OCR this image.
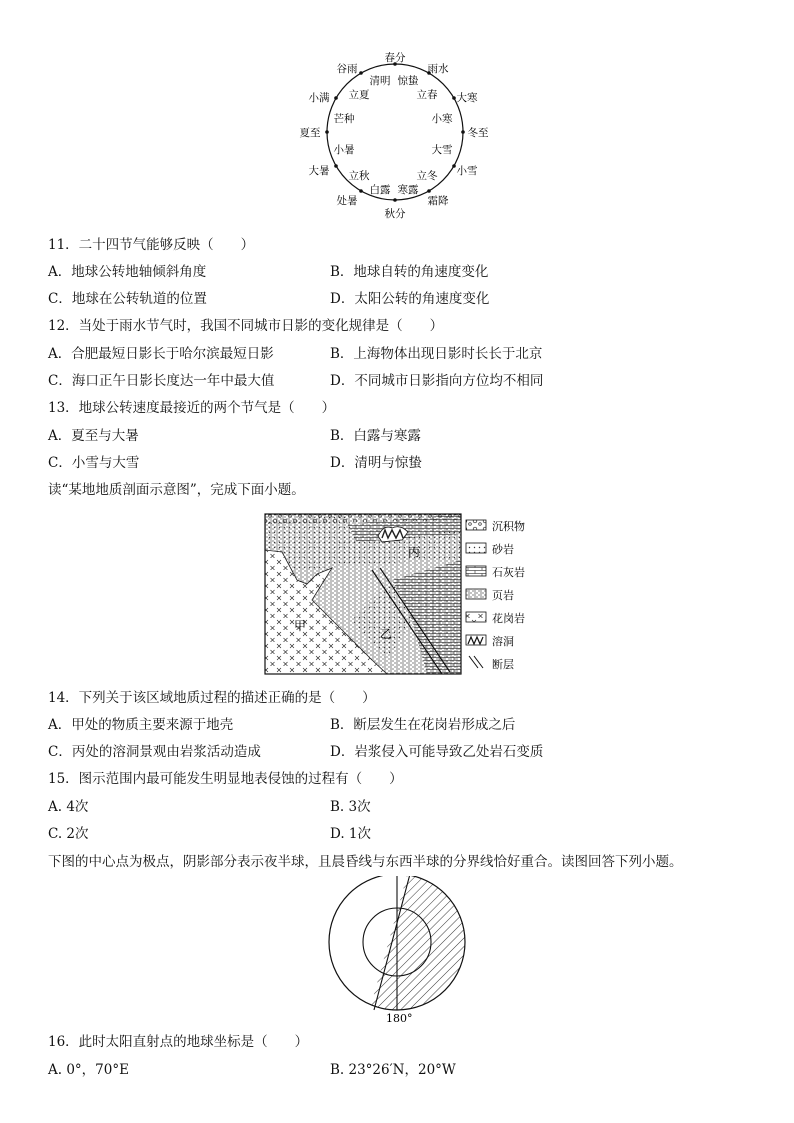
春分
雨水
大寒
冬至
小雪
霜降
秋分
处暑
大暑
夏至
小满
谷雨
惊蛰
立春
小寒
大雪
立冬
寒露
白露
立秋
小暑
芒种
立夏
清明
11．二十四节气能够反映（　　）
A．地球公转地轴倾斜角度	B．地球自转的角速度变化
C．地球在公转轨道的位置	D．太阳公转的角速度变化
12．当处于雨水节气时，我国不同城市日影的变化规律是（　　）
A．合肥最短日影长于哈尔滨最短日影	B．上海物体出现日影时长长于北京
C．海口正午日影长度达一年中最大值	D．不同城市日影指向方位均不相同
13．地球公转速度最接近的两个节气是（　　）
A．夏至与大暑	B．白露与寒露
C．小雪与大雪	D．清明与惊蛰
读“某地地质剖面示意图”，完成下面小题。
丙
甲
乙
沉积物
砂岩
石灰岩
页岩
花岗岩
溶洞
断层
14．下列关于该区域地质过程的描述正确的是（　　）
A．甲处的物质主要来源于地壳	B．断层发生在花岗岩形成之后
C．丙处的溶洞景观由岩浆活动造成	D．岩浆侵入可能导致乙处岩石变质
15．图示范围内最可能发生明显地表侵蚀的过程有（　　）
A. 4次	B. 3次
C. 2次	D. 1次
下图的中心点为极点，阴影部分表示夜半球，且晨昏线与东西半球的分界线恰好重合。读图回答下列小题。
180°
16．此时太阳直射点的地球坐标是（　　）
A. 0°，70°E	B. 23°26′N，20°W
